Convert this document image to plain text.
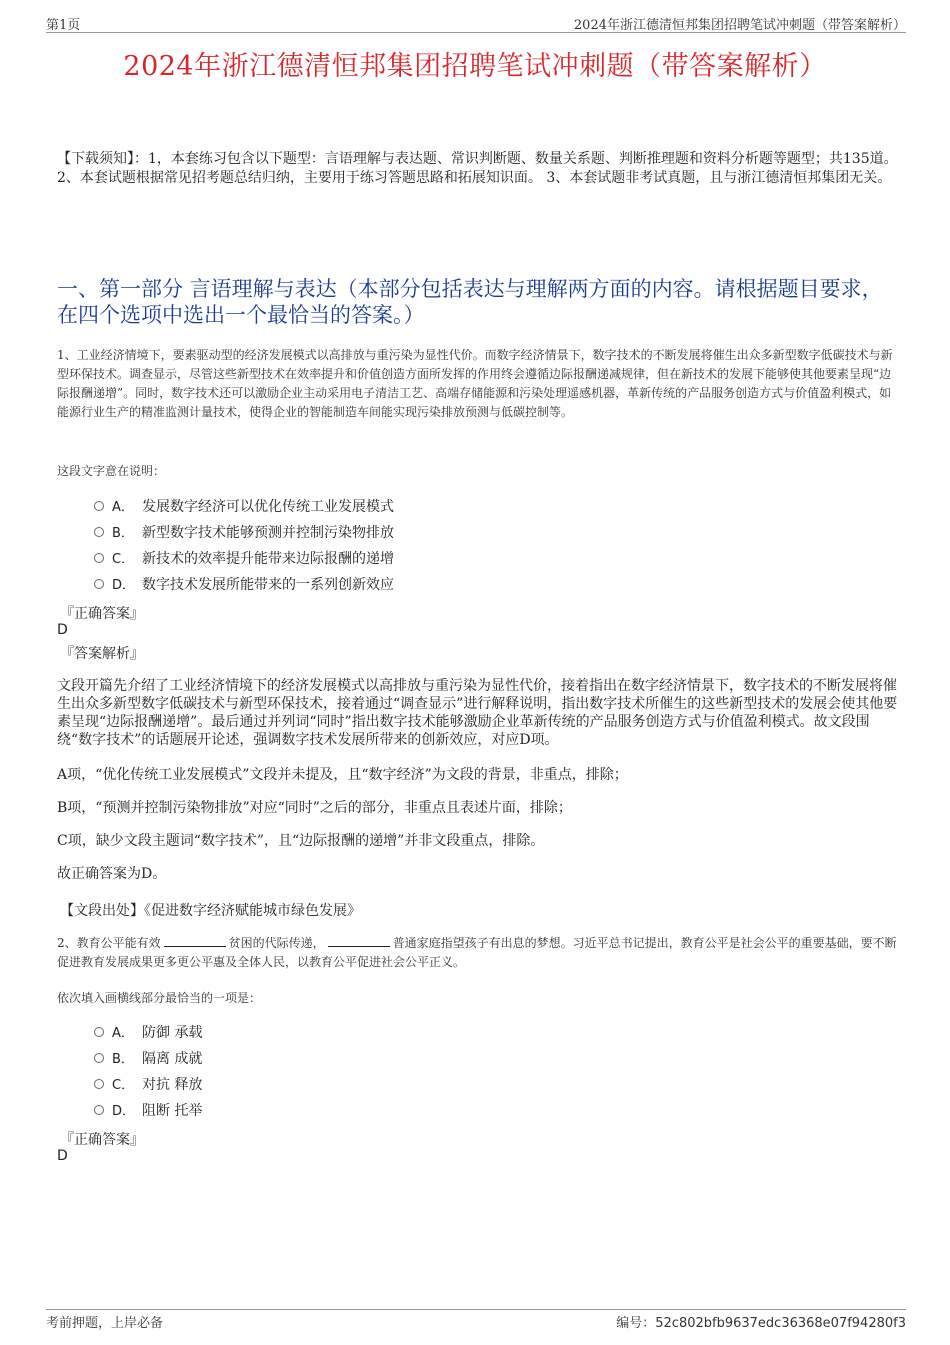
第1页	2024年浙江德清恒邦集团招聘笔试冲刺题（带答案解析）
2024年浙江德清恒邦集团招聘笔试冲刺题（带答案解析）
【下载须知】：1，本套练习包含以下题型：言语理解与表达题、常识判断题、数量关系题、判断推理题和资料分析题等题型；共135道。 2、本套试题根据常见招考题总结归纳，主要用于练习答题思路和拓展知识面。 3、本套试题非考试真题，且与浙江德清恒邦集团无关。
一、第一部分 言语理解与表达（本部分包括表达与理解两方面的内容。请根据题目要求，在四个选项中选出一个最恰当的答案。）
1、工业经济情境下，要素驱动型的经济发展模式以高排放与重污染为显性代价。而数字经济情景下，数字技术的不断发展将催生出众多新型数字低碳技术与新型环保技术。调查显示，尽管这些新型技术在效率提升和价值创造方面所发挥的作用终会遵循边际报酬递减规律，但在新技术的发展下能够使其他要素呈现“边际报酬递增”。同时，数字技术还可以激励企业主动采用电子清洁工艺、高端存储能源和污染处理遥感机器，革新传统的产品服务创造方式与价值盈利模式，如能源行业生产的精准监测计量技术，使得企业的智能制造车间能实现污染排放预测与低碳控制等。
这段文字意在说明：
A． 发展数字经济可以优化传统工业发展模式
B． 新型数字技术能够预测并控制污染物排放
C． 新技术的效率提升能带来边际报酬的递增
D． 数字技术发展所能带来的一系列创新效应
『正确答案』
D
『答案解析』
文段开篇先介绍了工业经济情境下的经济发展模式以高排放与重污染为显性代价，接着指出在数字经济情景下，数字技术的不断发展将催生出众多新型数字低碳技术与新型环保技术，接着通过“调查显示”进行解释说明，指出数字技术所催生的这些新型技术的发展会使其他要素呈现“边际报酬递增”。最后通过并列词“同时”指出数字技术能够激励企业革新传统的产品服务创造方式与价值盈利模式。故文段围绕“数字技术”的话题展开论述，强调数字技术发展所带来的创新效应，对应D项。
A项，“优化传统工业发展模式”文段并未提及，且“数字经济”为文段的背景，非重点，排除；
B项，“预测并控制污染物排放”对应“同时”之后的部分，非重点且表述片面，排除；
C项，缺少文段主题词“数字技术”，且“边际报酬的递增”并非文段重点，排除。
故正确答案为D。
【文段出处】《促进数字经济赋能城市绿色发展》
2、教育公平能有效	贫困的代际传递，	普通家庭指望孩子有出息的梦想。习近平总书记提出，教育公平是社会公平的重要基础，要不断促进教育发展成果更多更公平惠及全体人民，以教育公平促进社会公平正义。
依次填入画横线部分最恰当的一项是：
A． 防御 承载
B． 隔离 成就
C． 对抗 释放
D． 阻断 托举
『正确答案』
D
考前押题，上岸必备	编号：52c802bfb9637edc36368e07f94280f3
